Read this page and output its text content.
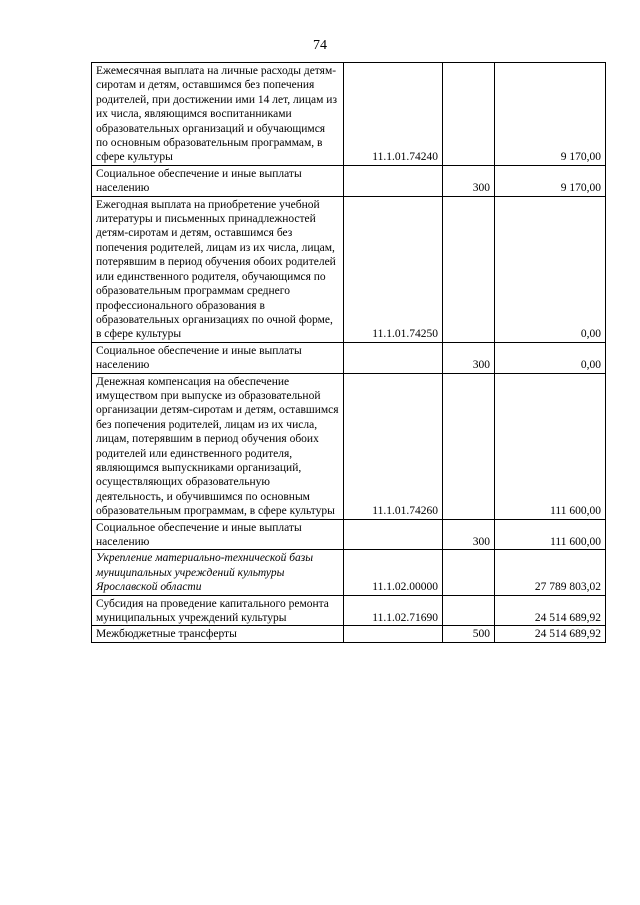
74
Ежемесячная выплата на личные расходы детям-сиротам и детям, оставшимся без попечения родителей, при достижении ими 14 лет, лицам из их числа, являющимся воспитанниками образовательных организаций и обучающимся по основным образовательным программам, в сфере культуры	11.1.01.74240		9 170,00
Социальное обеспечение и иные выплаты населению		300	9 170,00
Ежегодная выплата на приобретение учебной литературы и письменных принадлежностей детям-сиротам и детям, оставшимся без попечения родителей, лицам из их числа, лицам, потерявшим в период обучения обоих родителей или единственного родителя, обучающимся по образовательным программам среднего профессионального образования в образовательных организациях по очной форме, в сфере культуры	11.1.01.74250		0,00
Социальное обеспечение и иные выплаты населению		300	0,00
Денежная компенсация на обеспечение имуществом при выпуске из образовательной организации детям-сиротам и детям, оставшимся без попечения родителей, лицам из их числа, лицам, потерявшим в период обучения обоих родителей или единственного родителя, являющимся выпускниками организаций, осуществляющих образовательную деятельность, и обучившимся по основным образовательным программам, в сфере культуры	11.1.01.74260		111 600,00
Социальное обеспечение и иные выплаты населению		300	111 600,00
Укрепление материально-технической базы муниципальных учреждений культуры Ярославской области	11.1.02.00000		27 789 803,02
Субсидия на проведение капитального ремонта муниципальных учреждений культуры	11.1.02.71690		24 514 689,92
Межбюджетные трансферты		500	24 514 689,92
